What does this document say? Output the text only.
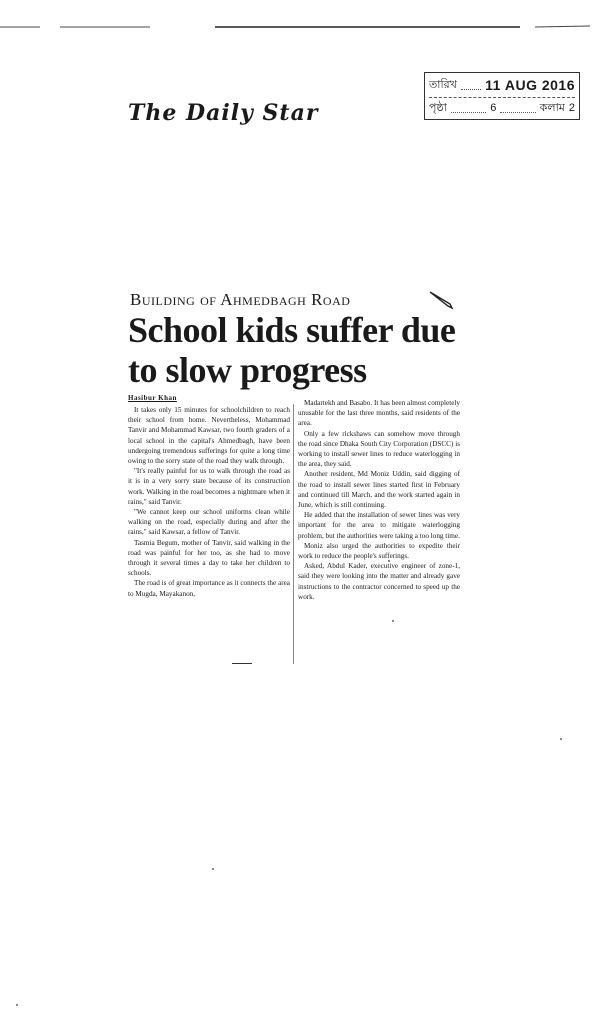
The Daily Star
তারিখ 11 AUG 2016
পৃষ্ঠা	6	কলাম 2
Building of Ahmedbagh Road
School kids suffer due to slow progress
Hasibur Khan

It takes only 15 minutes for schoolchildren to reach their school from home. Nevertheless, Mohammad Tanvir and Mohammad Kawsar, two fourth graders of a local school in the capital's Ahmedbagh, have been undergoing tremendous sufferings for quite a long time owing to the sorry state of the road they walk through.

"It's really painful for us to walk through the road as it is in a very sorry state because of its construction work. Walking in the road becomes a nightmare when it rains," said Tanvir.

"We cannot keep our school uniforms clean while walking on the road, especially during and after the rains," said Kawsar, a fellow of Tanvir.

Tasmia Begum, mother of Tanvir, said walking in the road was painful for her too, as she had to move through it several times a day to take her children to schools.

The road is of great importance as it connects the area to Mugda, Mayakanon,

Madartekh and Basabo. It has been almost completely unusable for the last three months, said residents of the area.

Only a few rickshaws can somehow move through the road since Dhaka South City Corporation (DSCC) is working to install sewer lines to reduce waterlogging in the area, they said.

Another resident, Md Moniz Uddin, said digging of the road to install sewer lines started first in February and continued till March, and the work started again in June, which is still continuing.

He added that the installation of sewer lines was very important for the area to mitigate waterlogging problem, but the authorities were taking a too long time.

Moniz also urged the authorities to expedite their work to reduce the people's sufferings.

Asked, Abdul Kader, executive engineer of zone-1, said they were looking into the matter and already gave instructions to the contractor concerned to speed up the work.
